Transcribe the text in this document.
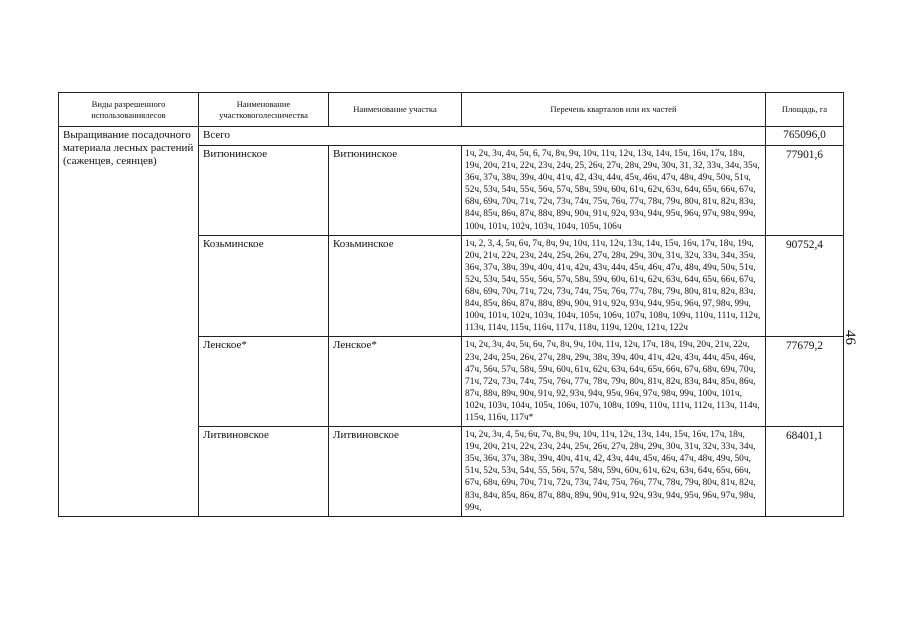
46
Виды разрешенного использованиялесов	Наименование участковоголесничества	Наименование участка	Перечень кварталов или их частей	Площадь, га
Выращивание посадочного материала лесных растений (саженцев, сеянцев)	Всего			765096,0
	Витюнинское	Витюнинское	1ч, 2ч, 3ч, 4ч, 5ч, 6, 7ч, 8ч, 9ч, 10ч, 11ч, 12ч, 13ч, 14ч, 15ч, 16ч, 17ч, 18ч, 19ч, 20ч, 21ч, 22ч, 23ч, 24ч, 25, 26ч, 27ч, 28ч, 29ч, 30ч, 31, 32, 33ч, 34ч, 35ч, 36ч, 37ч, 38ч, 39ч, 40ч, 41ч, 42, 43ч, 44ч, 45ч, 46ч, 47ч, 48ч, 49ч, 50ч, 51ч, 52ч, 53ч, 54ч, 55ч, 56ч, 57ч, 58ч, 59ч, 60ч, 61ч, 62ч, 63ч, 64ч, 65ч, 66ч, 67ч, 68ч, 69ч, 70ч, 71ч, 72ч, 73ч, 74ч, 75ч, 76ч, 77ч, 78ч, 79ч, 80ч, 81ч, 82ч, 83ч, 84ч, 85ч, 86ч, 87ч, 88ч, 89ч, 90ч, 91ч, 92ч, 93ч, 94ч, 95ч, 96ч, 97ч, 98ч, 99ч, 100ч, 101ч, 102ч, 103ч, 104ч, 105ч, 106ч	77901,6
	Козьминское	Козьминское	1ч, 2, 3, 4, 5ч, 6ч, 7ч, 8ч, 9ч, 10ч, 11ч, 12ч, 13ч, 14ч, 15ч, 16ч, 17ч, 18ч, 19ч, 20ч, 21ч, 22ч, 23ч, 24ч, 25ч, 26ч, 27ч, 28ч, 29ч, 30ч, 31ч, 32ч, 33ч, 34ч, 35ч, 36ч, 37ч, 38ч, 39ч, 40ч, 41ч, 42ч, 43ч, 44ч, 45ч, 46ч, 47ч, 48ч, 49ч, 50ч, 51ч, 52ч, 53ч, 54ч, 55ч, 56ч, 57ч, 58ч, 59ч, 60ч, 61ч, 62ч, 63ч, 64ч, 65ч, 66ч, 67ч, 68ч, 69ч, 70ч, 71ч, 72ч, 73ч, 74ч, 75ч, 76ч, 77ч, 78ч, 79ч, 80ч, 81ч, 82ч, 83ч, 84ч, 85ч, 86ч, 87ч, 88ч, 89ч, 90ч, 91ч, 92ч, 93ч, 94ч, 95ч, 96ч, 97, 98ч, 99ч, 100ч, 101ч, 102ч, 103ч, 104ч, 105ч, 106ч, 107ч, 108ч, 109ч, 110ч, 111ч, 112ч, 113ч, 114ч, 115ч, 116ч, 117ч, 118ч, 119ч, 120ч, 121ч, 122ч	90752,4
	Ленское*	Ленское*	1ч, 2ч, 3ч, 4ч, 5ч, 6ч, 7ч, 8ч, 9ч, 10ч, 11ч, 12ч, 17ч, 18ч, 19ч, 20ч, 21ч, 22ч, 23ч, 24ч, 25ч, 26ч, 27ч, 28ч, 29ч, 38ч, 39ч, 40ч, 41ч, 42ч, 43ч, 44ч, 45ч, 46ч, 47ч, 56ч, 57ч, 58ч, 59ч, 60ч, 61ч, 62ч, 63ч, 64ч, 65ч, 66ч, 67ч, 68ч, 69ч, 70ч, 71ч, 72ч, 73ч, 74ч, 75ч, 76ч, 77ч, 78ч, 79ч, 80ч, 81ч, 82ч, 83ч, 84ч, 85ч, 86ч, 87ч, 88ч, 89ч, 90ч, 91ч, 92, 93ч, 94ч, 95ч, 96ч, 97ч, 98ч, 99ч, 100ч, 101ч, 102ч, 103ч, 104ч, 105ч, 106ч, 107ч, 108ч, 109ч, 110ч, 111ч, 112ч, 113ч, 114ч, 115ч, 116ч, 117ч*	77679,2
	Литвиновское	Литвиновское	1ч, 2ч, 3ч, 4, 5ч, 6ч, 7ч, 8ч, 9ч, 10ч, 11ч, 12ч, 13ч, 14ч, 15ч, 16ч, 17ч, 18ч, 19ч, 20ч, 21ч, 22ч, 23ч, 24ч, 25ч, 26ч, 27ч, 28ч, 29ч, 30ч, 31ч, 32ч, 33ч, 34ч, 35ч, 36ч, 37ч, 38ч, 39ч, 40ч, 41ч, 42, 43ч, 44ч, 45ч, 46ч, 47ч, 48ч, 49ч, 50ч, 51ч, 52ч, 53ч, 54ч, 55, 56ч, 57ч, 58ч, 59ч, 60ч, 61ч, 62ч, 63ч, 64ч, 65ч, 66ч, 67ч, 68ч, 69ч, 70ч, 71ч, 72ч, 73ч, 74ч, 75ч, 76ч, 77ч, 78ч, 79ч, 80ч, 81ч, 82ч, 83ч, 84ч, 85ч, 86ч, 87ч, 88ч, 89ч, 90ч, 91ч, 92ч, 93ч, 94ч, 95ч, 96ч, 97ч, 98ч, 99ч,	68401,1
